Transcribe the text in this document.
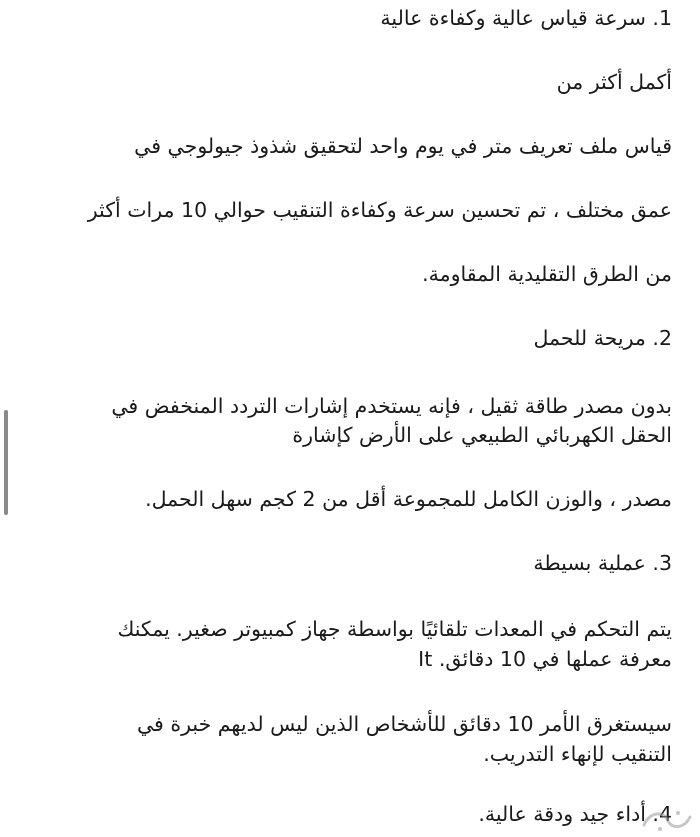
1. سرعة قياس عالية وكفاءة عالية
أكمل أكثر من
قياس ملف تعريف متر في يوم واحد لتحقيق شذوذ جيولوجي في
عمق مختلف ، تم تحسين سرعة وكفاءة التنقيب حوالي 10 مرات أكثر
من الطرق التقليدية المقاومة.
2. مريحة للحمل
بدون مصدر طاقة ثقيل ، فإنه يستخدم إشارات التردد المنخفض في
الحقل الكهربائي الطبيعي على الأرض كإشارة
مصدر ، والوزن الكامل للمجموعة أقل من 2 كجم سهل الحمل.
3. عملية بسيطة
يتم التحكم في المعدات تلقائيًا بواسطة جهاز كمبيوتر صغير. يمكنك
معرفة عملها في 10 دقائق. It
سيستغرق الأمر 10 دقائق للأشخاص الذين ليس لديهم خبرة في
التنقيب لإنهاء التدريب.
4. أداء جيد ودقة عالية.
